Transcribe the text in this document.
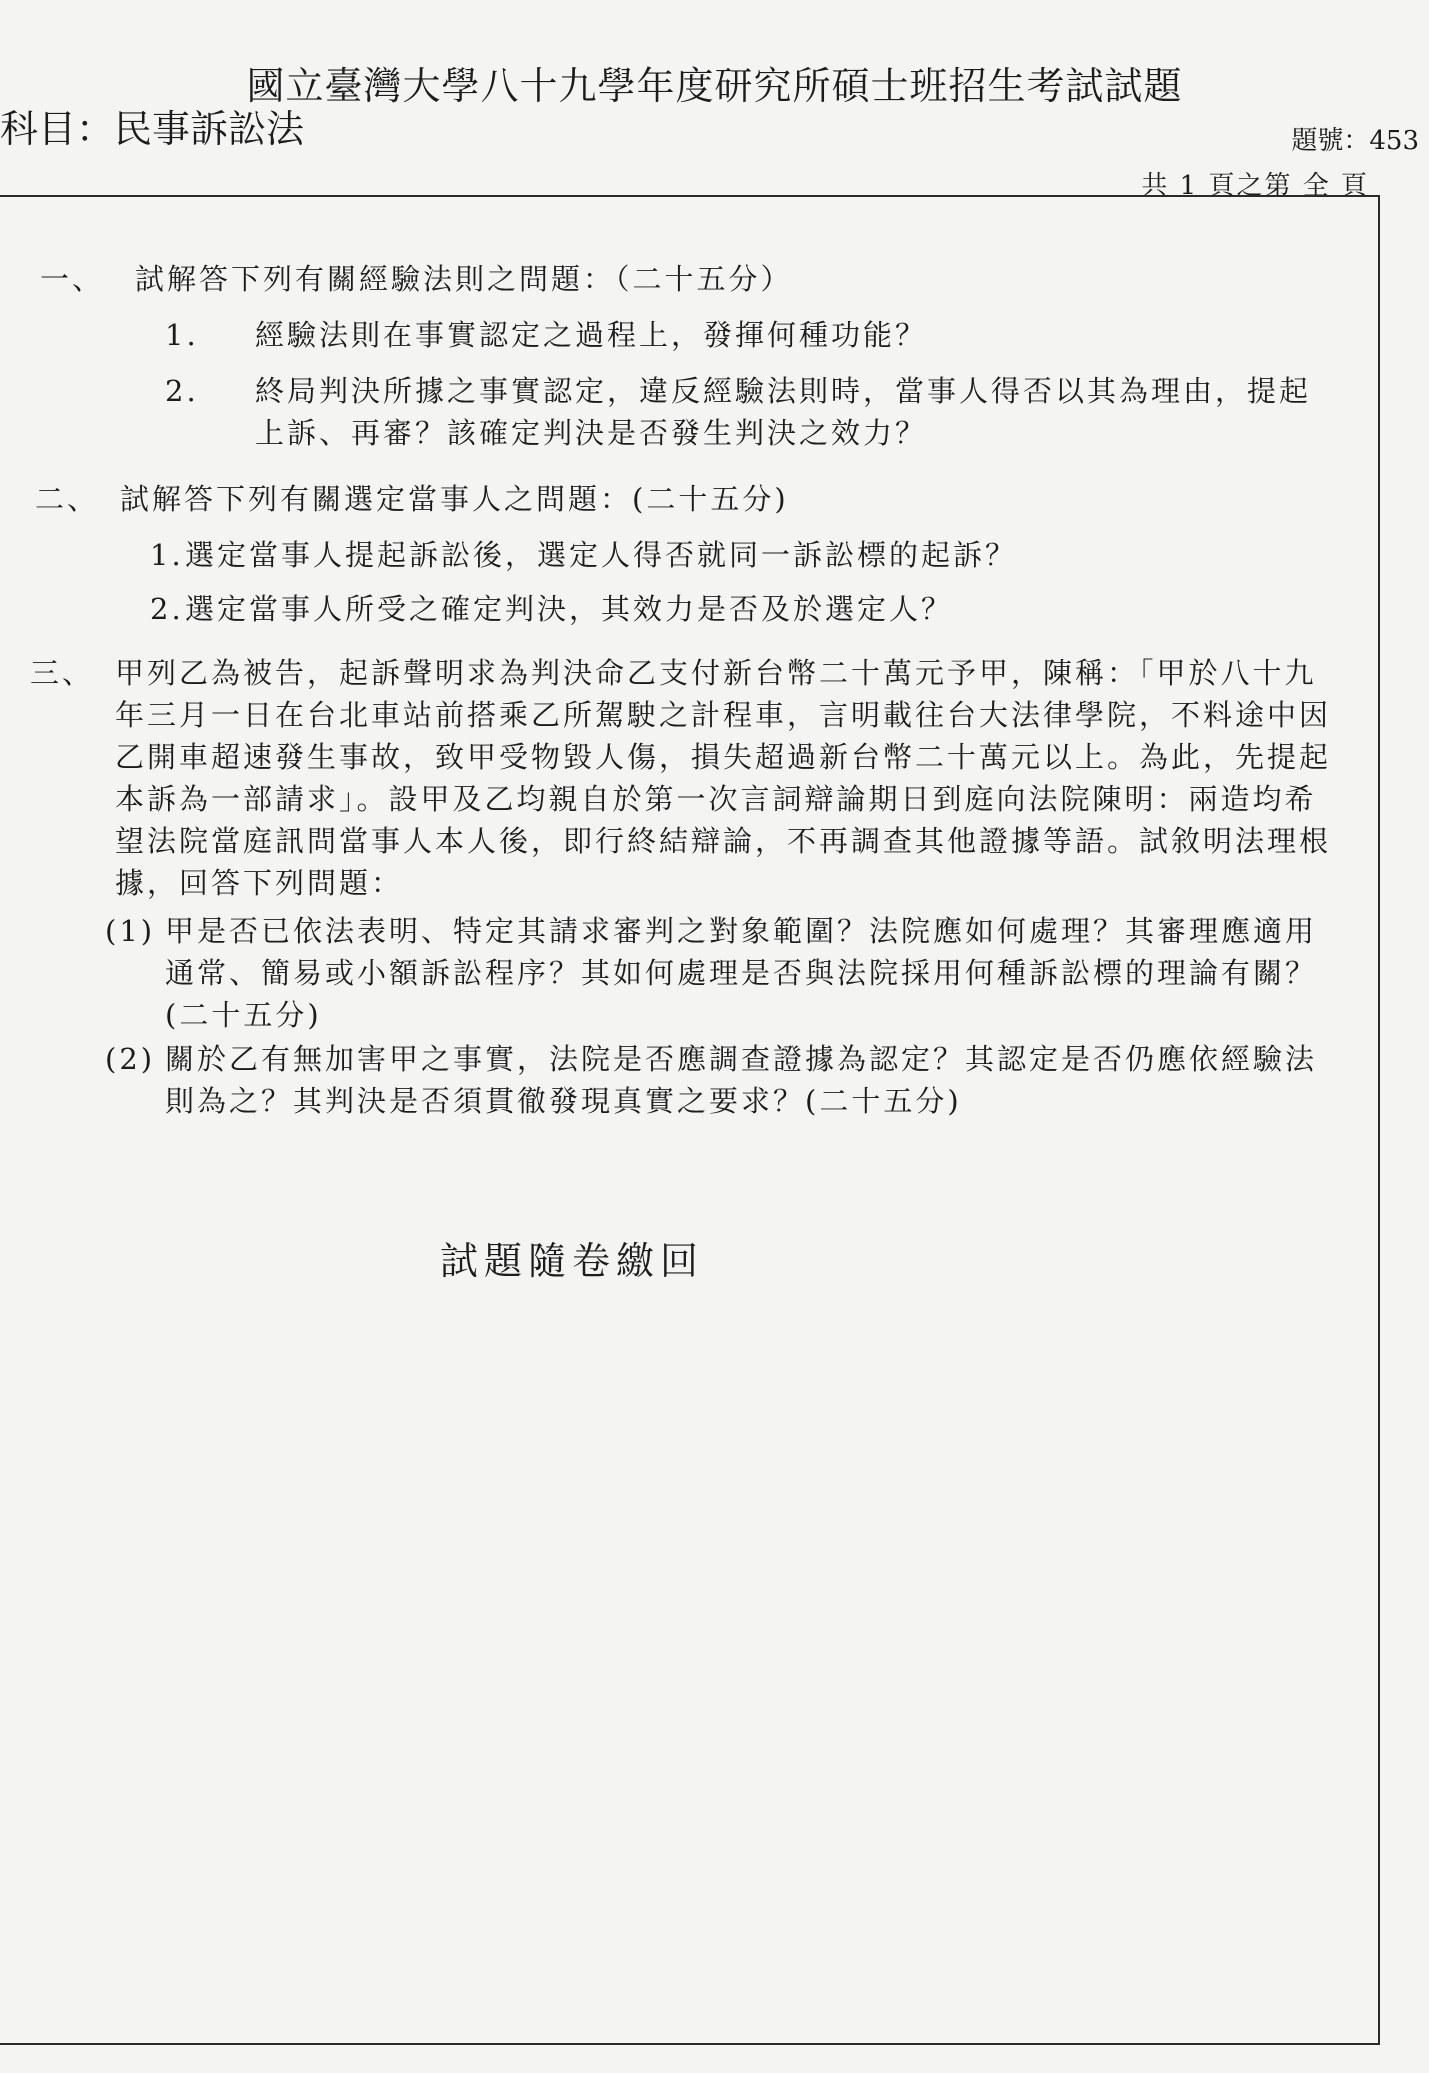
國立臺灣大學八十九學年度研究所碩士班招生考試試題
科目：民事訴訟法	題號：453
共 1 頁之第 全 頁
一、 試解答下列有關經驗法則之問題：（二十五分）
1. 經驗法則在事實認定之過程上，發揮何種功能？
2. 終局判決所據之事實認定，違反經驗法則時，當事人得否以其為理由，提起上訴、再審？該確定判決是否發生判決之效力？
二、 試解答下列有關選定當事人之問題：(二十五分)
1. 選定當事人提起訴訟後，選定人得否就同一訴訟標的起訴？
2. 選定當事人所受之確定判決，其效力是否及於選定人？
三、 甲列乙為被告，起訴聲明求為判決命乙支付新台幣二十萬元予甲，陳稱：「甲於八十九年三月一日在台北車站前搭乘乙所駕駛之計程車，言明載往台大法律學院，不料途中因乙開車超速發生事故，致甲受物毀人傷，損失超過新台幣二十萬元以上。為此，先提起本訴為一部請求」。設甲及乙均親自於第一次言詞辯論期日到庭向法院陳明：兩造均希望法院當庭訊問當事人本人後，即行終結辯論，不再調查其他證據等語。試敘明法理根據，回答下列問題：
(1) 甲是否已依法表明、特定其請求審判之對象範圍？法院應如何處理？其審理應適用通常、簡易或小額訴訟程序？其如何處理是否與法院採用何種訴訟標的理論有關？(二十五分)
(2) 關於乙有無加害甲之事實，法院是否應調查證據為認定？其認定是否仍應依經驗法則為之？其判決是否須貫徹發現真實之要求？(二十五分)
試題隨卷繳回
